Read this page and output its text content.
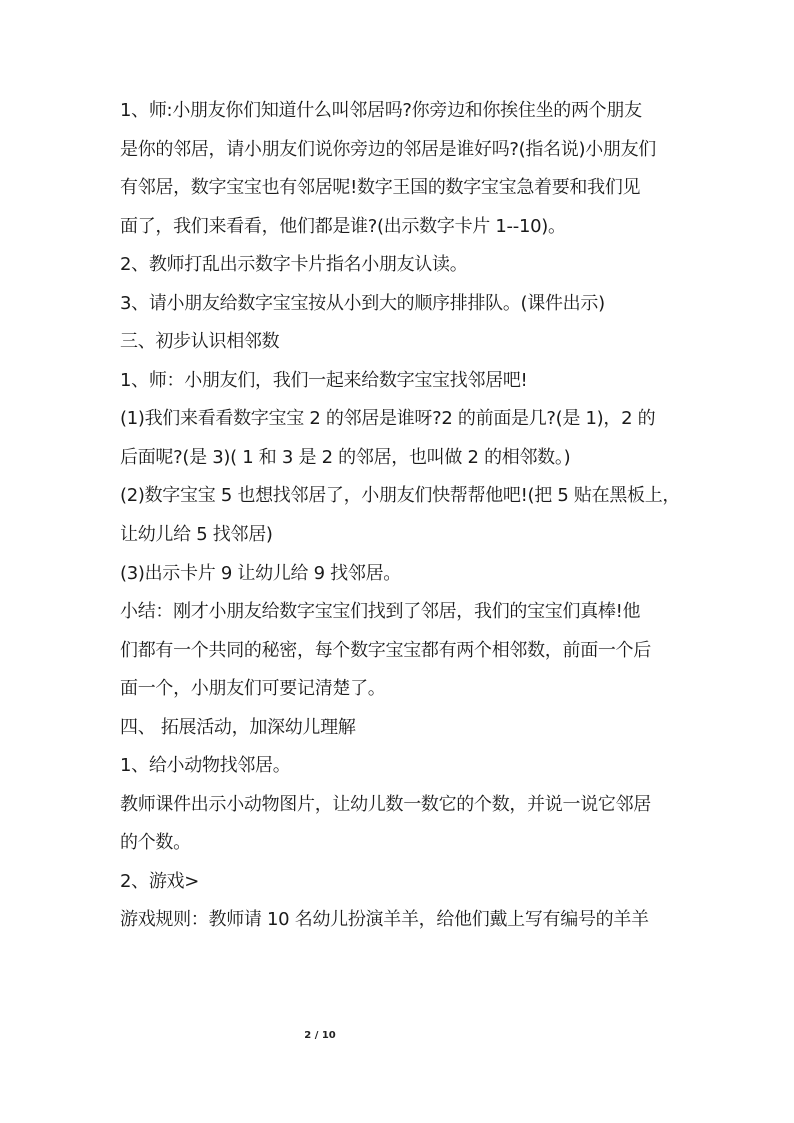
1、师:小朋友你们知道什么叫邻居吗?你旁边和你挨住坐的两个朋友
是你的邻居，请小朋友们说你旁边的邻居是谁好吗?(指名说)小朋友们
有邻居，数字宝宝也有邻居呢!数字王国的数字宝宝急着要和我们见
面了，我们来看看，他们都是谁?(出示数字卡片 1--10)。
2、教师打乱出示数字卡片指名小朋友认读。
3、请小朋友给数字宝宝按从小到大的顺序排排队。(课件出示)
三、初步认识相邻数
1、师：小朋友们，我们一起来给数字宝宝找邻居吧!
(1)我们来看看数字宝宝 2 的邻居是谁呀?2 的前面是几?(是 1)，2 的
后面呢?(是 3)( 1 和 3 是 2 的邻居，也叫做 2 的相邻数。)
(2)数字宝宝 5 也想找邻居了，小朋友们快帮帮他吧!(把 5 贴在黑板上，
让幼儿给 5 找邻居)
(3)出示卡片 9 让幼儿给 9 找邻居。
小结：刚才小朋友给数字宝宝们找到了邻居，我们的宝宝们真棒!他
们都有一个共同的秘密，每个数字宝宝都有两个相邻数，前面一个后
面一个，小朋友们可要记清楚了。
四、 拓展活动，加深幼儿理解
1、给小动物找邻居。
教师课件出示小动物图片，让幼儿数一数它的个数，并说一说它邻居
的个数。
2、游戏>
游戏规则：教师请 10 名幼儿扮演羊羊，给他们戴上写有编号的羊羊
2 / 10
